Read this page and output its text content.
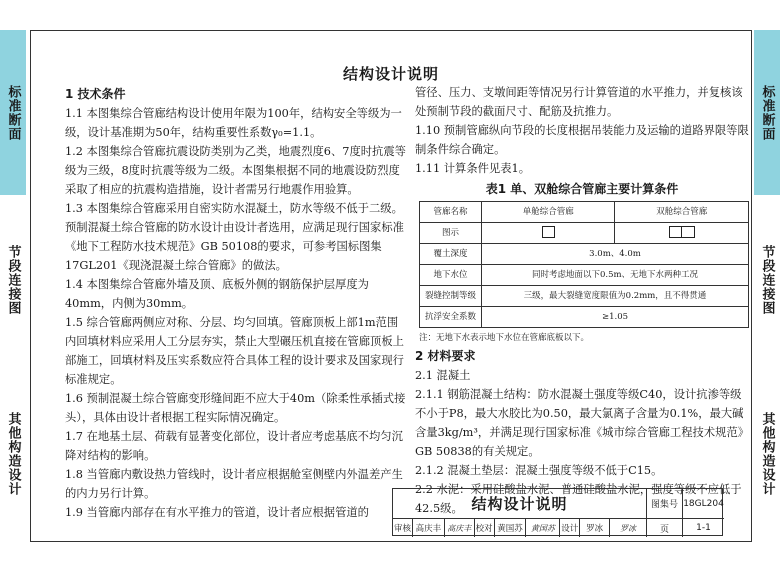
标准断面
节段连接图
其他构造设计
标准断面
节段连接图
其他构造设计
结构设计说明
1 技术条件

1.1 本图集综合管廊结构设计使用年限为100年，结构安全等级为一级，设计基准期为50年，结构重要性系数γ₀=1.1。

1.2 本图集综合管廊抗震设防类别为乙类，地震烈度6、7度时抗震等级为三级，8度时抗震等级为二级。本图集根据不同的地震设防烈度采取了相应的抗震构造措施，设计者需另行地震作用验算。

1.3 本图集综合管廊采用自密实防水混凝土，防水等级不低于二级。预制混凝土综合管廊的防水设计由设计者选用，应满足现行国家标准《地下工程防水技术规范》GB 50108的要求，可参考国标图集 17GL201《现浇混凝土综合管廊》的做法。

1.4 本图集综合管廊外墙及顶、底板外侧的钢筋保护层厚度为40mm，内侧为30mm。

1.5 综合管廊两侧应对称、分层、均匀回填。管廊顶板上部1m范围内回填材料应采用人工分层夯实，禁止大型碾压机直接在管廊顶板上部施工，回填材料及压实系数应符合具体工程的设计要求及国家现行标准规定。

1.6 预制混凝土综合管廊变形缝间距不应大于40m（除柔性承插式接头），具体由设计者根据工程实际情况确定。

1.7 在地基土层、荷载有显著变化部位，设计者应考虑基底不均匀沉降对结构的影响。

1.8 当管廊内敷设热力管线时，设计者应根据舱室侧壁内外温差产生的内力另行计算。

1.9 当管廊内部存在有水平推力的管道，设计者应根据管道的

管径、压力、支墩间距等情况另行计算管道的水平推力，并复核该处预制节段的截面尺寸、配筋及抗推力。

1.10 预制管廊纵向节段的长度根据吊装能力及运输的道路界限等限制条件综合确定。

1.11 计算条件见表1。

表1 单、双舱综合管廊主要计算条件
管廊名称	单舱综合管廊	双舱综合管廊
图示		
覆土深度	3.0m、4.0m	
地下水位	同时考虑地面以下0.5m、无地下水两种工况	
裂缝控制等级	三级，最大裂缝宽度限值为0.2mm，且不得贯通	
抗浮安全系数	≥1.05	
注：无地下水表示地下水位在管廊底板以下。
2 材料要求

2.1 混凝土

2.1.1 钢筋混凝土结构：防水混凝土强度等级C40，设计抗渗等级不小于P8，最大水胶比为0.50，最大氯离子含量为0.1%，最大碱含量3kg/m³，并满足现行国家标准《城市综合管廊工程技术规范》GB 50838的有关规定。

2.1.2 混凝土垫层：混凝土强度等级不低于C15。

2.2 水泥：采用硅酸盐水泥、普通硅酸盐水泥，强度等级不应低于42.5级。 结构设计说明	图集号 18GL204
页	1-1
审核 高庆丰 高庆丰 校对 黄国苏	黄国苏 设计 罗冰	罗冰
